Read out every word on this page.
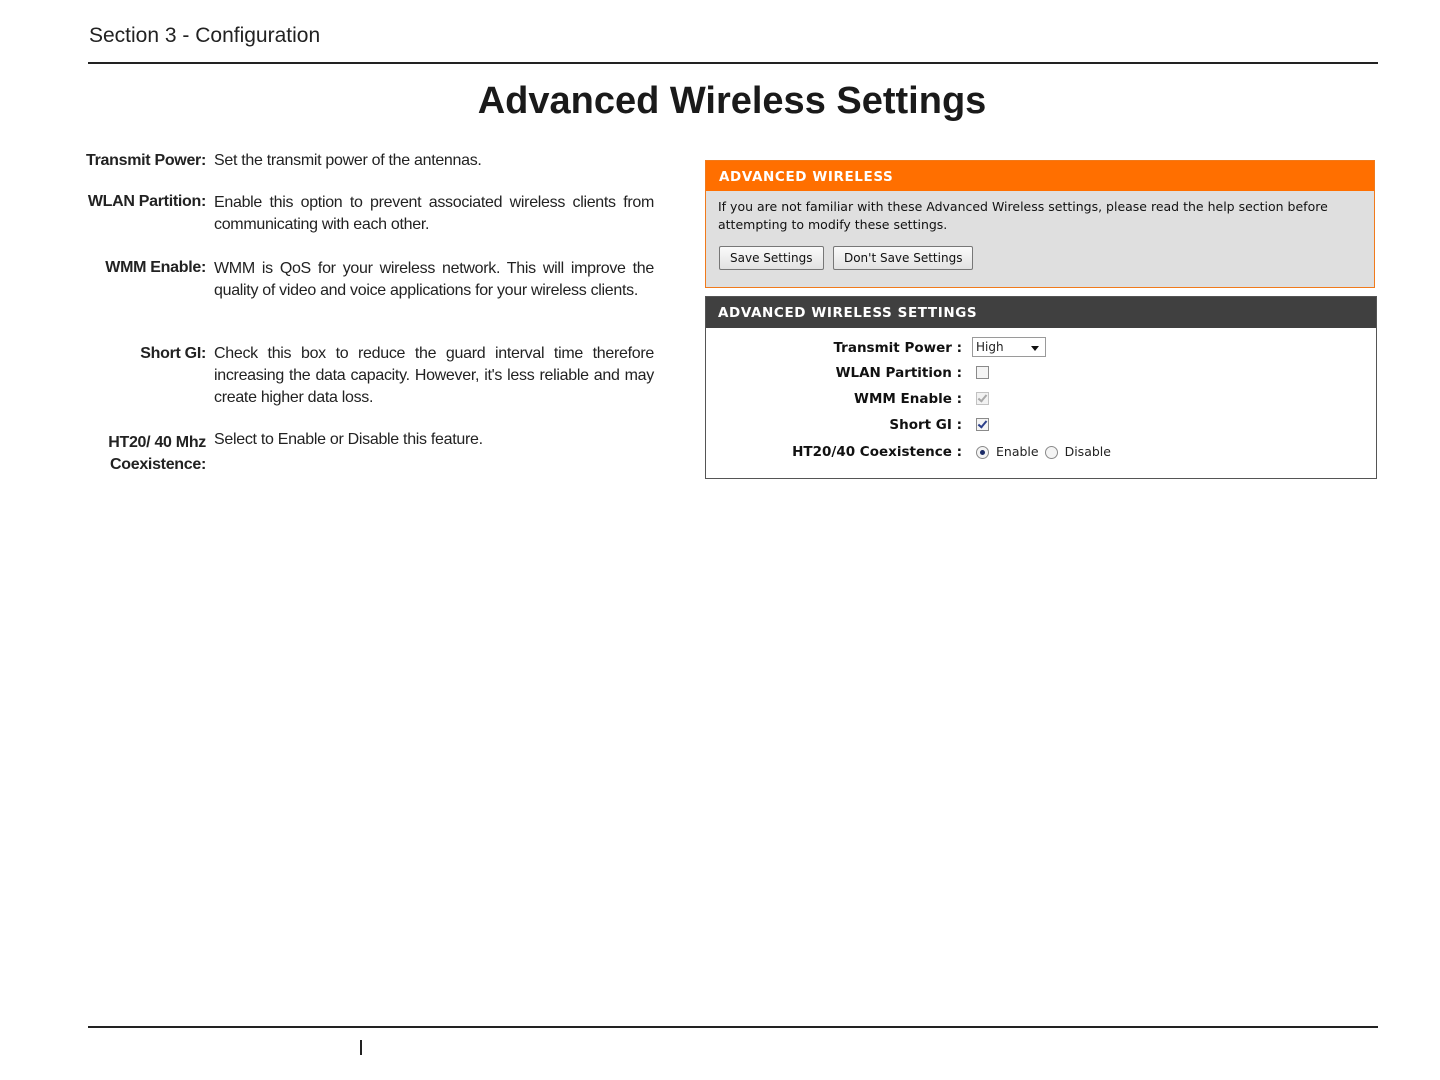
Section 3 - Configuration
Advanced Wireless Settings
Transmit Power: Set the transmit power of the antennas.
WLAN Partition: Enable this option to prevent associated wireless clients from communicating with each other.
WMM Enable: WMM is QoS for your wireless network. This will improve the quality of video and voice applications for your wireless clients.
Short GI: Check this box to reduce the guard interval time therefore increasing the data capacity. However, it's less reliable and may create higher data loss.
HT20/ 40 Mhz
Coexistence:
Select to Enable or Disable this feature.
ADVANCED WIRELESS
If you are not familiar with these Advanced Wireless settings, please read the help section before attempting to modify these settings.
Save Settings	Don't Save Settings
ADVANCED WIRELESS SETTINGS
Transmit Power :	High
WLAN Partition :
WMM Enable :
Short GI :
HT20/40 Coexistence :	Enable Disable
